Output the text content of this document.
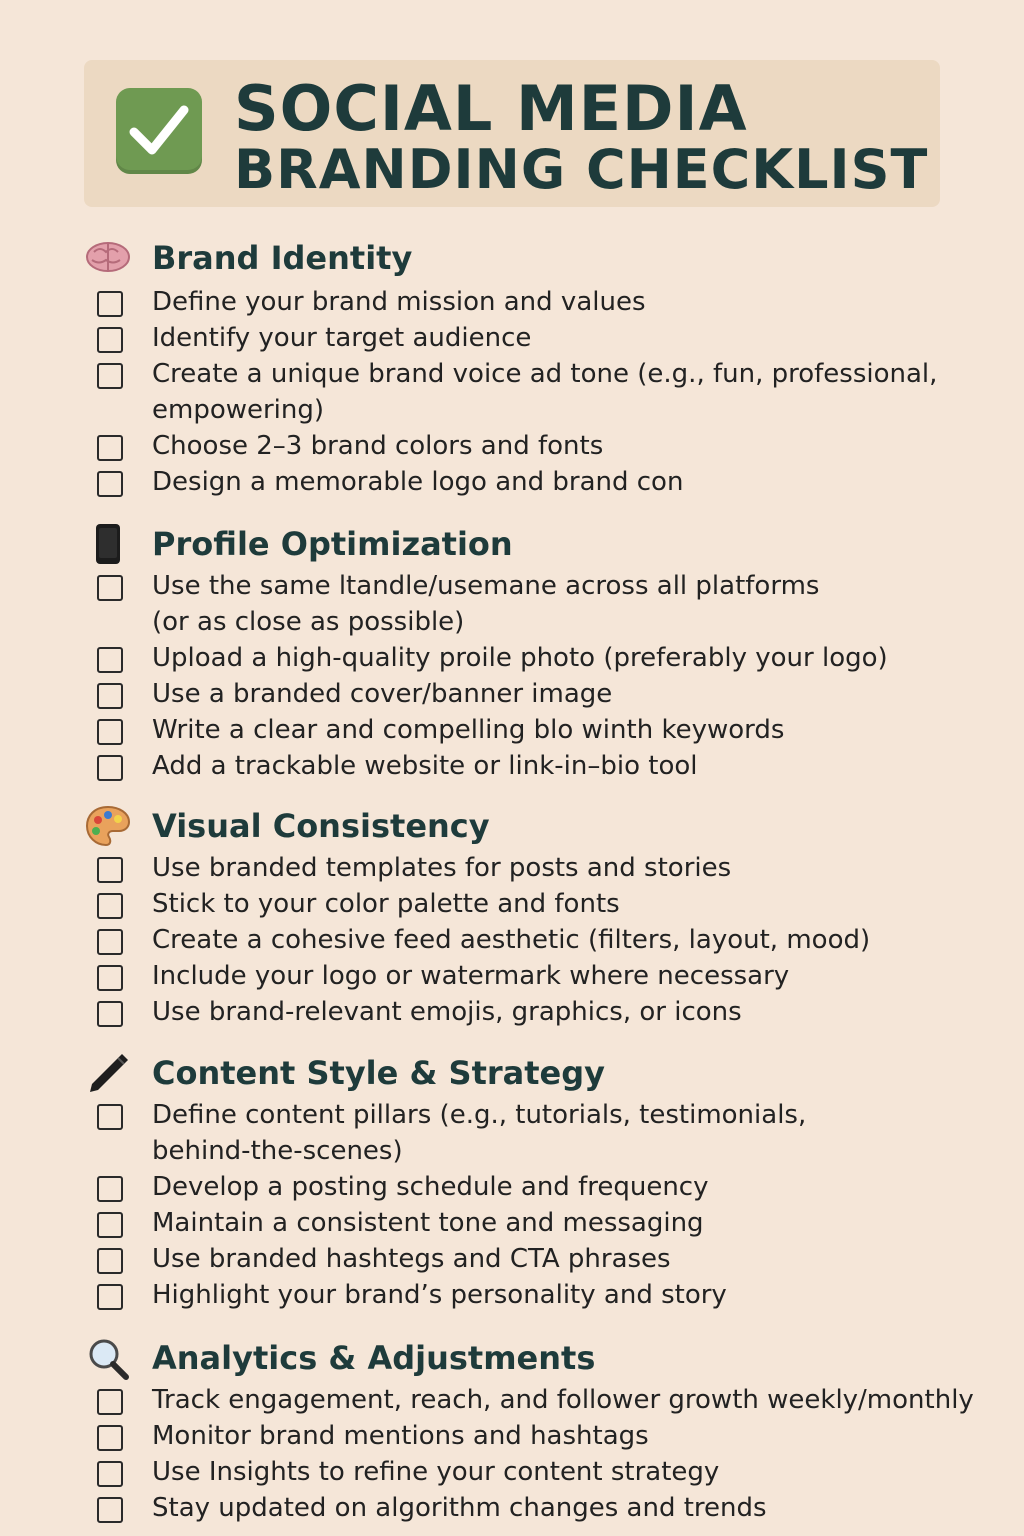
SOCIAL MEDIA
BRANDING CHECKLIST
Brand Identity
Define your brand mission and values
Identify your target audience
Create a unique brand voice ad tone (e.g., fun, professional, empowering)
Choose 2–3 brand colors and fonts
Design a memorable logo and brand con
Profile Optimization
Use the same ltandle/usemane across all platforms (or as close as possible)
Upload a high-quality proile photo (preferably your logo)
Use a branded cover/banner image
Write a clear and compelling blo winth keywords
Add a trackable website or link-in–bio tool
Visual Consistency
Use branded templates for posts and stories
Stick to your color palette and fonts
Create a cohesive feed aesthetic (filters, layout, mood)
Include your logo or watermark where necessary
Use brand-relevant emojis, graphics, or icons
Content Style & Strategy
Define content pillars (e.g., tutorials, testimonials, behind-the-scenes)
Develop a posting schedule and frequency
Maintain a consistent tone and messaging
Use branded hashtegs and CTA phrases
Highlight your brand’s personality and story
Analytics & Adjustments
Track engagement, reach, and follower growth weekly/monthly
Monitor brand mentions and hashtags
Use Insights to refine your content strategy
Stay updated on algorithm changes and trends
